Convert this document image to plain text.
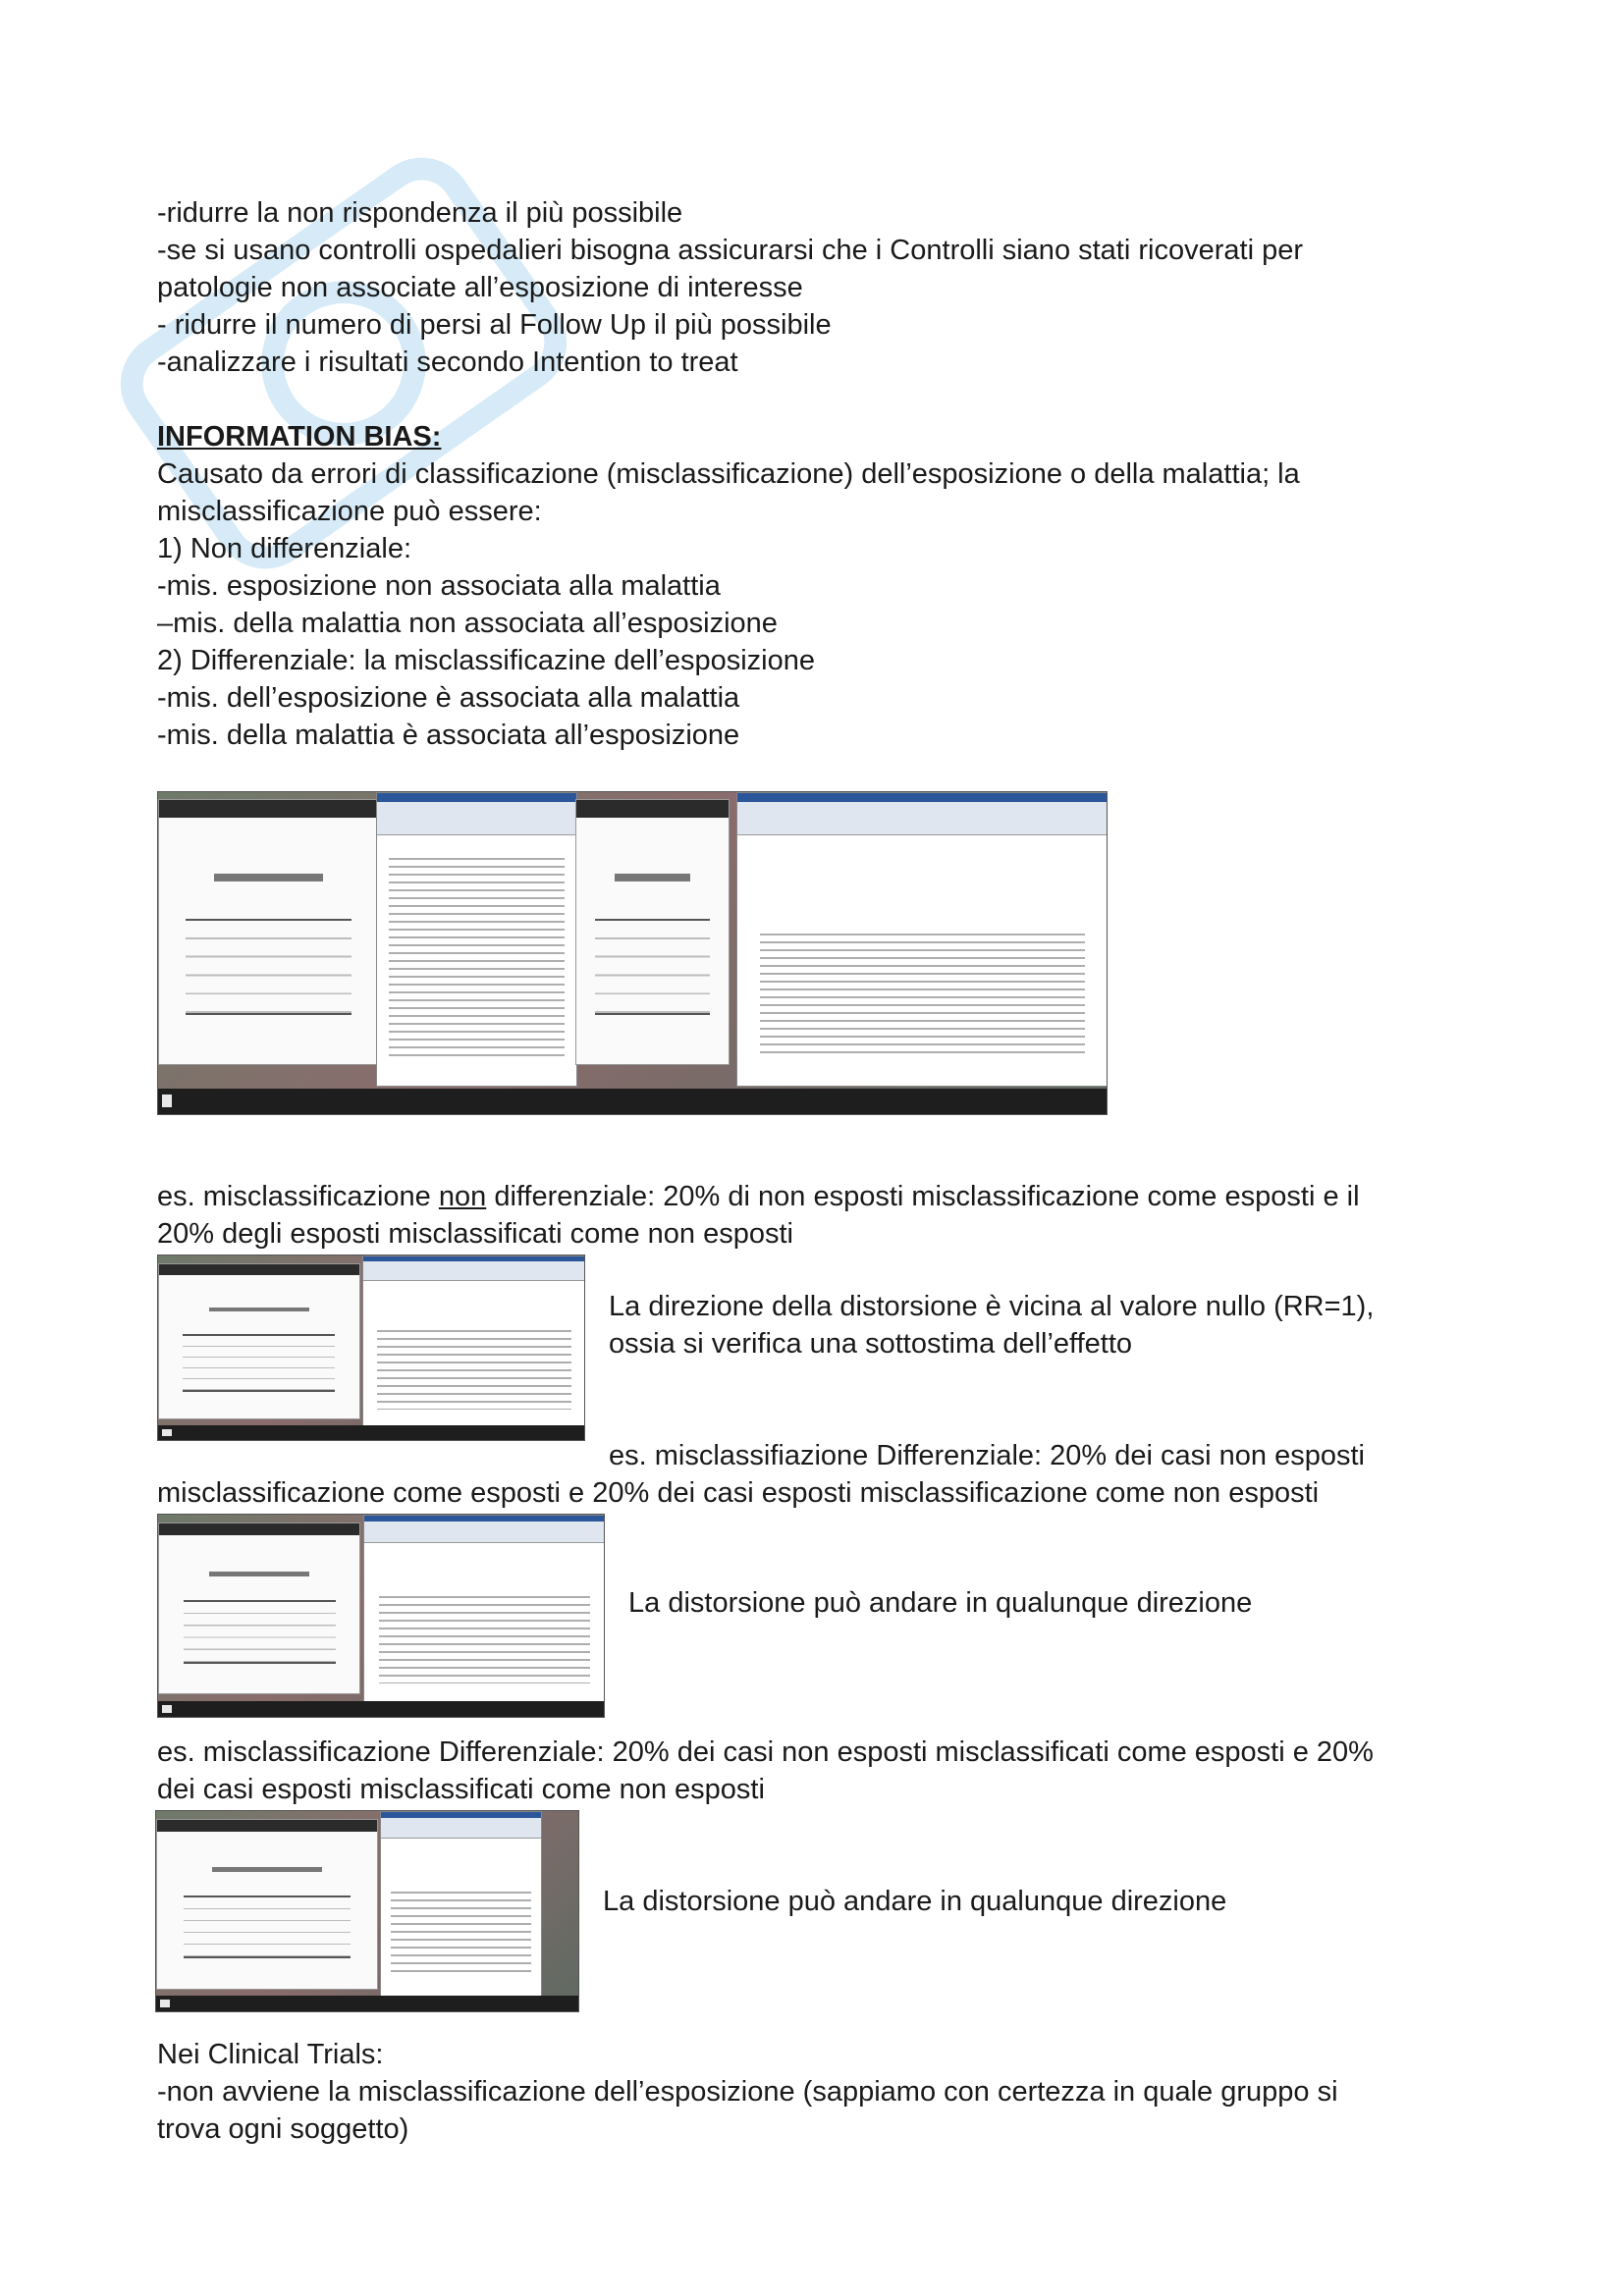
-ridurre la non rispondenza il più possibile
-se si usano controlli ospedalieri bisogna assicurarsi che i Controlli siano stati ricoverati per
patologie non associate all’esposizione di interesse
- ridurre il numero di persi al Follow Up il più possibile
-analizzare i risultati secondo Intention to treat
INFORMATION BIAS:
Causato da errori di classificazione (misclassificazione) dell’esposizione o della malattia; la
misclassificazione può essere:
1) Non differenziale:
-mis. esposizione non associata alla malattia
–mis. della malattia non associata all’esposizione
2) Differenziale: la misclassificazine dell’esposizione
-mis. dell’esposizione è associata alla malattia
-mis. della malattia è associata all’esposizione
es. misclassificazione non differenziale: 20% di non esposti misclassificazione come esposti e il
20% degli esposti misclassificati come non esposti
La direzione della distorsione è vicina al valore nullo (RR=1),
ossia si verifica una sottostima dell’effetto
es. misclassifiazione Differenziale: 20% dei casi non esposti
misclassificazione come esposti e 20% dei casi esposti misclassificazione come non esposti
La distorsione può andare in qualunque direzione
es. misclassificazione Differenziale: 20% dei casi non esposti misclassificati come esposti e 20%
dei casi esposti misclassificati come non esposti
La distorsione può andare in qualunque direzione
Nei Clinical Trials:
-non avviene la misclassificazione dell’esposizione (sappiamo con certezza in quale gruppo si
trova ogni soggetto)
